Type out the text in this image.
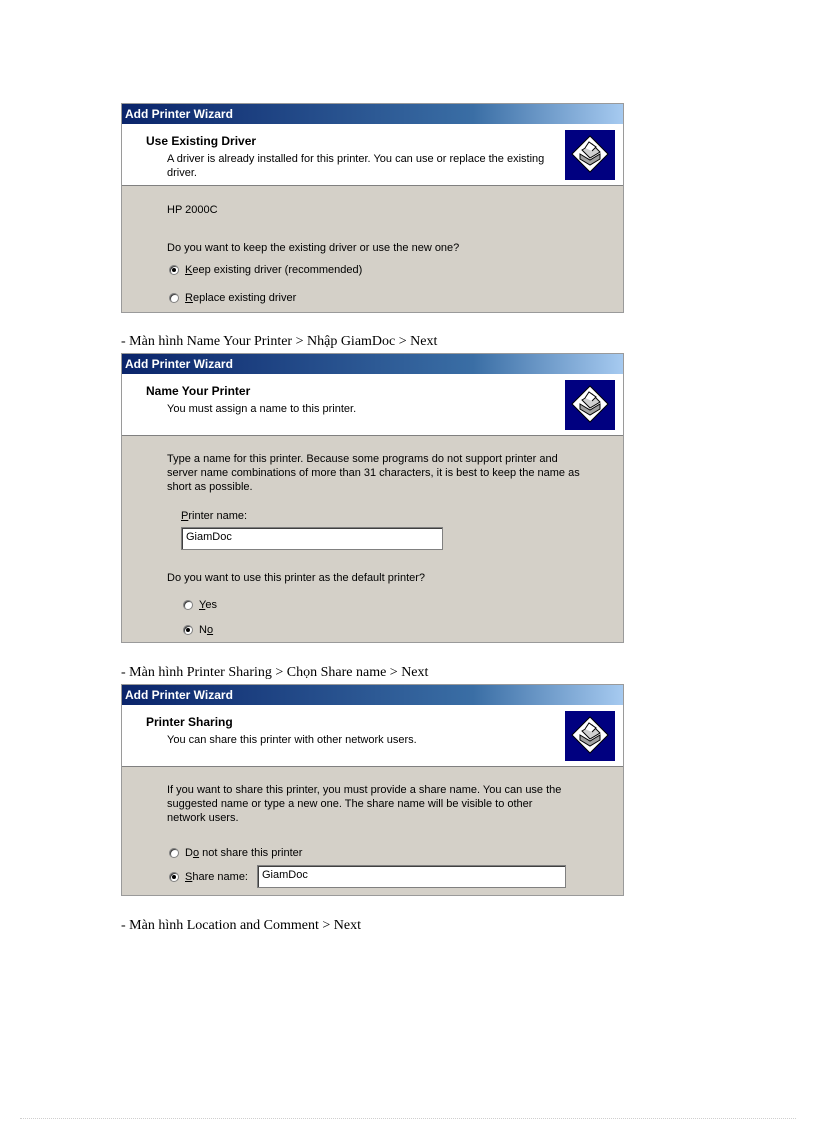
Add Printer Wizard
Use Existing Driver
A driver is already installed for this printer. You can use or replace the existing driver.
HP 2000C
Do you want to keep the existing driver or use the new one?
Keep existing driver (recommended)
Replace existing driver
- Màn hình Name Your Printer > Nhập GiamDoc > Next
Add Printer Wizard
Name Your Printer
You must assign a name to this printer.
Type a name for this printer. Because some programs do not support printer and server name combinations of more than 31 characters, it is best to keep the name as short as possible.
Printer name:
GiamDoc
Do you want to use this printer as the default printer?
Yes
No
- Màn hình Printer Sharing > Chọn Share name > Next
Add Printer Wizard
Printer Sharing
You can share this printer with other network users.
If you want to share this printer, you must provide a share name. You can use the suggested name or type a new one. The share name will be visible to other network users.
Do not share this printer
Share name:	GiamDoc
- Màn hình Location and Comment > Next
